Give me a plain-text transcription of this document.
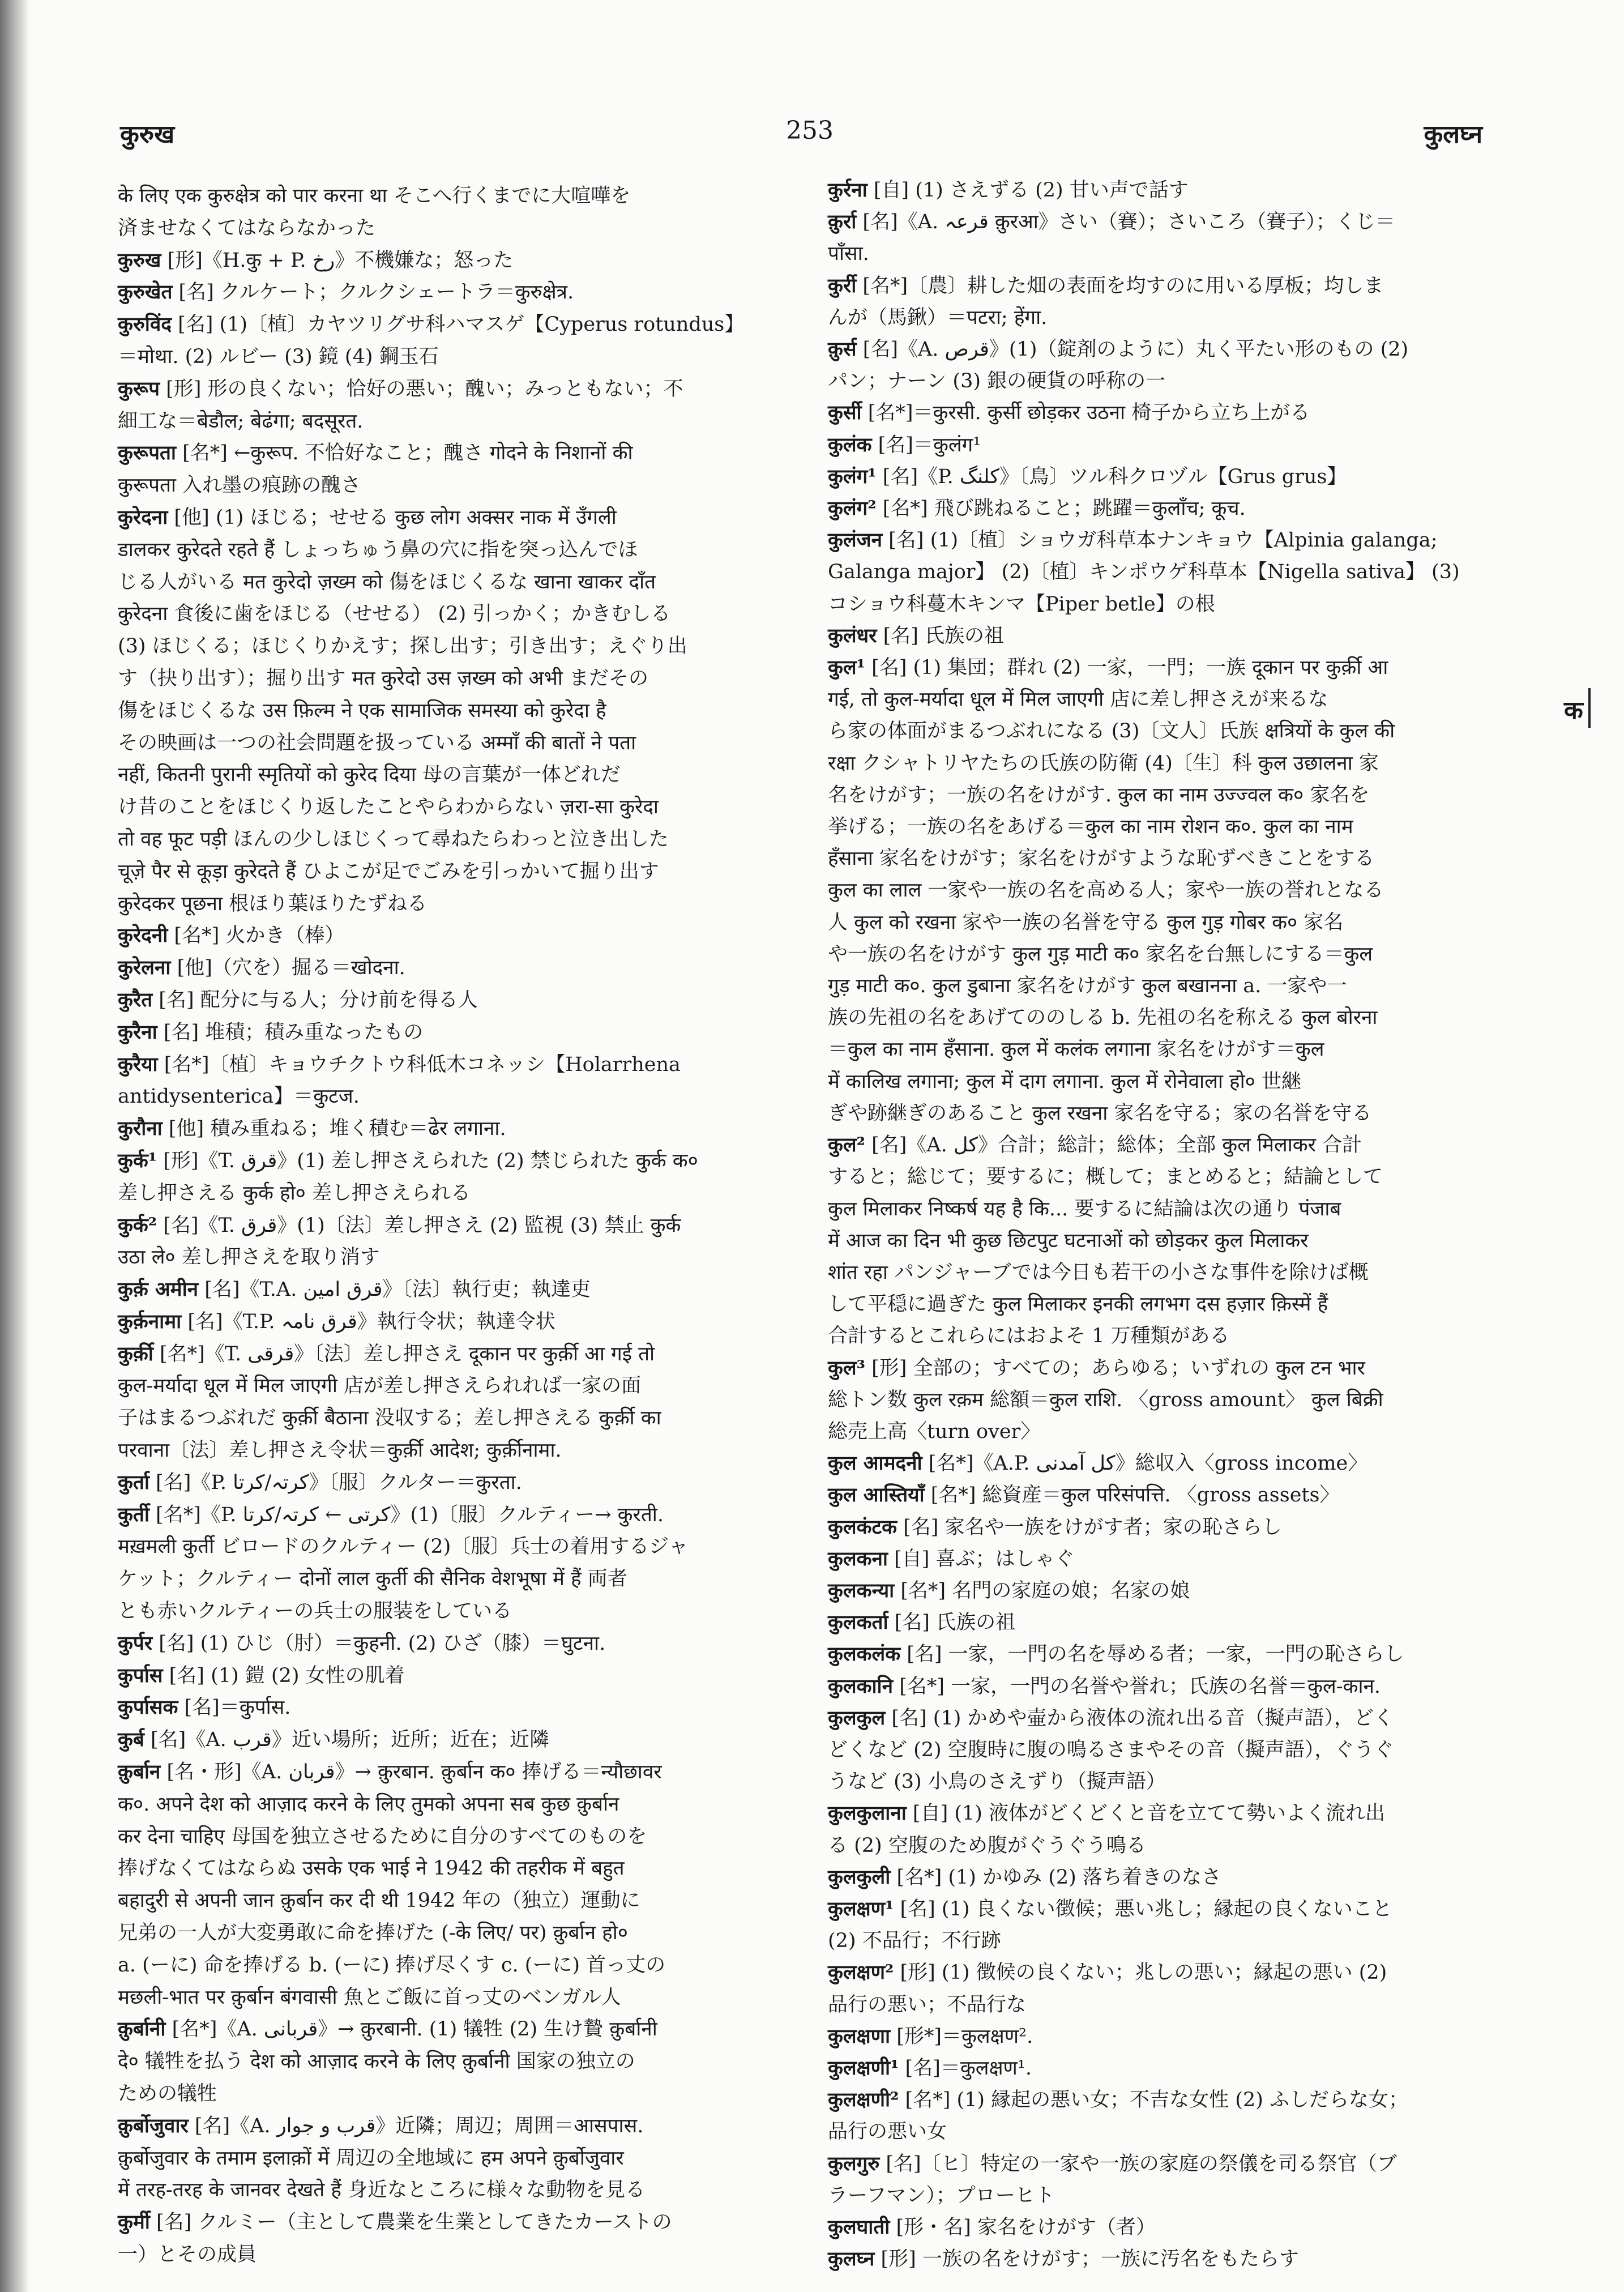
कुरुख	253	कुलघ्न
के लिए एक कुरुक्षेत्र को पार करना था そこへ行くまでに大喧嘩を
済ませなくてはならなかった
कुरुख [形]《H.कु + P. رخ》不機嫌な；怒った
कुरुखेत [名] クルケート；クルクシェートラ＝कुरुक्षेत्र.
कुरुविंद [名] (1)〔植〕カヤツリグサ科ハマスゲ【Cyperus rotundus】
＝मोथा. (2) ルビー (3) 鏡 (4) 鋼玉石
कुरूप [形] 形の良くない；恰好の悪い；醜い；みっともない；不
細工な＝बेडौल; बेढंगा; बदसूरत.
कुरूपता [名*] ←कुरूप. 不恰好なこと；醜さ गोदने के निशानों की
कुरूपता 入れ墨の痕跡の醜さ
कुरेदना [他] (1) ほじる；せせる कुछ लोग अक्सर नाक में उँगली
डालकर कुरेदते रहते हैं しょっちゅう鼻の穴に指を突っ込んでほ
じる人がいる मत कुरेदो ज़ख्म को 傷をほじくるな खाना खाकर दाँत
कुरेदना 食後に歯をほじる（せせる） (2) 引っかく；かきむしる
(3) ほじくる；ほじくりかえす；探し出す；引き出す；えぐり出
す（抉り出す）；掘り出す मत कुरेदो उस ज़ख्म को अभी まだその
傷をほじくるな उस फ़िल्म ने एक सामाजिक समस्या को कुरेदा है
その映画は一つの社会問題を扱っている अम्माँ की बातों ने पता
नहीं, कितनी पुरानी स्मृतियों को कुरेद दिया 母の言葉が一体どれだ
け昔のことをほじくり返したことやらわからない ज़रा-सा कुरेदा
तो वह फूट पड़ी ほんの少しほじくって尋ねたらわっと泣き出した
चूज़े पैर से कूड़ा कुरेदते हैं ひよこが足でごみを引っかいて掘り出す
कुरेदकर पूछना 根ほり葉ほりたずねる
कुरेदनी [名*] 火かき（棒）
कुरेलना [他]（穴を）掘る＝खोदना.
कुरैत [名] 配分に与る人；分け前を得る人
कुरैना [名] 堆積；積み重なったもの
कुरैया [名*]〔植〕キョウチクトウ科低木コネッシ【Holarrhena
antidysenterica】＝कुटज.
कुरौना [他] 積み重ねる；堆く積む＝ढेर लगाना.
कुर्क¹ [形]《T. قرق》(1) 差し押さえられた (2) 禁じられた कुर्क क०
差し押さえる कुर्क हो० 差し押さえられる
कुर्क² [名]《T. قرق》(1)〔法〕差し押さえ (2) 監視 (3) 禁止 कुर्क
उठा ले० 差し押さえを取り消す
कुर्क़ अमीन [名]《T.A. قرق امین》〔法〕執行吏；執達吏
कुर्क़नामा [名]《T.P. قرق نامہ》執行令状；執達令状
कुर्क़ी [名*]《T. قرقی》〔法〕差し押さえ दूकान पर कुर्क़ी आ गई तो
कुल-मर्यादा धूल में मिल जाएगी 店が差し押さえられれば一家の面
子はまるつぶれだ कुर्क़ी बैठाना 没収する；差し押さえる कुर्क़ी का
परवाना〔法〕差し押さえ令状＝कुर्क़ी आदेश; कुर्क़ीनामा.
कुर्ता [名]《P. کرتہ/کرتا》〔服〕クルター＝कुरता.
कुर्ती [名*]《P. کرتی ← کرتہ/کرتا》(1)〔服〕クルティー→ कुरती.
मख़मली कुर्ती ビロードのクルティー (2)〔服〕兵士の着用するジャ
ケット；クルティー दोनों लाल कुर्ती की सैनिक वेशभूषा में हैं 両者
とも赤いクルティーの兵士の服装をしている
कुर्पर [名] (1) ひじ（肘）＝कुहनी. (2) ひざ（膝）＝घुटना.
कुर्पास [名] (1) 鎧 (2) 女性の肌着
कुर्पासक [名]＝कुर्पास.
कुर्ब [名]《A. قرب》近い場所；近所；近在；近隣
क़ुर्बान [名・形]《A. قربان》→ क़ुरबान. क़ुर्बान क० 捧げる＝न्यौछावर
क०. अपने देश को आज़ाद करने के लिए तुमको अपना सब कुछ क़ुर्बान
कर देना चाहिए 母国を独立させるために自分のすべてのものを
捧げなくてはならぬ उसके एक भाई ने 1942 की तहरीक में बहुत
बहादुरी से अपनी जान क़ुर्बान कर दी थी 1942 年の（独立）運動に
兄弟の一人が大変勇敢に命を捧げた (-के लिए/ पर) क़ुर्बान हो०
a. (ーに) 命を捧げる b. (ーに) 捧げ尽くす c. (ーに) 首っ丈の
मछली-भात पर क़ुर्बान बंगवासी 魚とご飯に首っ丈のベンガル人
क़ुर्बानी [名*]《A. قربانی》→ क़ुरबानी. (1) 犠牲 (2) 生け贄 क़ुर्बानी
दे० 犠牲を払う देश को आज़ाद करने के लिए क़ुर्बानी 国家の独立の
ための犠牲
क़ुर्बोजुवार [名]《A. قرب و جوار》近隣；周辺；周囲＝आसपास.
क़ुर्बोजुवार के तमाम इलाक़ों में 周辺の全地域に हम अपने क़ुर्बोजुवार
में तरह-तरह के जानवर देखते हैं 身近なところに様々な動物を見る
कुर्मी [名] クルミー（主として農業を生業としてきたカーストの
一）とその成員
कुर्रना [自] (1) さえずる (2) 甘い声で話す
क़ुर्रा [名]《A. قرعہ क़ुरआ》さい（賽）；さいころ（賽子）；くじ＝
पाँसा.
कुर्री [名*]〔農〕耕した畑の表面を均すのに用いる厚板；均しま
んが（馬鍬）＝पटरा; हेंगा.
क़ुर्स [名]《A. قرص》(1)（錠剤のように）丸く平たい形のもの (2)
パン；ナーン (3) 銀の硬貨の呼称の一
कुर्सी [名*]＝कुरसी. कुर्सी छोड़कर उठना 椅子から立ち上がる
कुलंक [名]＝कुलंग¹
कुलंग¹ [名]《P. کلنگ》〔鳥〕ツル科クロヅル【Grus grus】
कुलंग² [名*] 飛び跳ねること；跳躍＝कुलाँच; कूच.
कुलंजन [名] (1)〔植〕ショウガ科草本ナンキョウ【Alpinia galanga;
Galanga major】 (2)〔植〕キンポウゲ科草本【Nigella sativa】 (3)
コショウ科蔓木キンマ【Piper betle】の根
कुलंधर [名] 氏族の祖
कुल¹ [名] (1) 集団；群れ (2) 一家，一門；一族 दूकान पर कुर्क़ी आ
गई, तो कुल-मर्यादा धूल में मिल जाएगी 店に差し押さえが来るな
ら家の体面がまるつぶれになる (3)〔文人〕氏族 क्षत्रियों के कुल की
रक्षा クシャトリヤたちの氏族の防衛 (4)〔生〕科 कुल उछालना 家
名をけがす；一族の名をけがす. कुल का नाम उज्ज्वल क० 家名を
挙げる；一族の名をあげる＝कुल का नाम रोशन क०. कुल का नाम
हँसाना 家名をけがす；家名をけがすような恥ずべきことをする
कुल का लाल 一家や一族の名を高める人；家や一族の誉れとなる
人 कुल को रखना 家や一族の名誉を守る कुल गुड़ गोबर क० 家名
や一族の名をけがす कुल गुड़ माटी क० 家名を台無しにする＝कुल
गुड़ माटी क०. कुल डुबाना 家名をけがす कुल बखानना a. 一家や一
族の先祖の名をあげてののしる b. 先祖の名を称える कुल बोरना
＝कुल का नाम हँसाना. कुल में कलंक लगाना 家名をけがす＝कुल
में कालिख लगाना; कुल में दाग लगाना. कुल में रोनेवाला हो० 世継
ぎや跡継ぎのあること कुल रखना 家名を守る；家の名誉を守る
कुल² [名]《A. کل》合計；総計；総体；全部 कुल मिलाकर 合計
すると；総じて；要するに；概して；まとめると；結論として
कुल मिलाकर निष्कर्ष यह है कि... 要するに結論は次の通り पंजाब
में आज का दिन भी कुछ छिटपुट घटनाओं को छोड़कर कुल मिलाकर
शांत रहा パンジャーブでは今日も若干の小さな事件を除けば概
して平穏に過ぎた कुल मिलाकर इनकी लगभग दस हज़ार क़िस्में हैं
合計するとこれらにはおよそ 1 万種類がある
कुल³ [形] 全部の；すべての；あらゆる；いずれの कुल टन भार
総トン数 कुल रक़म 総額＝कुल राशि. 〈gross amount〉 कुल बिक्री
総売上高〈turn over〉
कुल आमदनी [名*]《A.P. کل آمدنی》総収入〈gross income〉
कुल आस्तियाँ [名*] 総資産＝कुल परिसंपत्ति. 〈gross assets〉
कुलकंटक [名] 家名や一族をけがす者；家の恥さらし
कुलकना [自] 喜ぶ；はしゃぐ
कुलकन्या [名*] 名門の家庭の娘；名家の娘
कुलकर्ता [名] 氏族の祖
कुलकलंक [名] 一家，一門の名を辱める者；一家，一門の恥さらし
कुलकानि [名*] 一家，一門の名誉や誉れ；氏族の名誉＝कुल-कान.
कुलकुल [名] (1) かめや壷から液体の流れ出る音（擬声語），どく
どくなど (2) 空腹時に腹の鳴るさまやその音（擬声語），ぐうぐ
うなど (3) 小鳥のさえずり（擬声語）
कुलकुलाना [自] (1) 液体がどくどくと音を立てて勢いよく流れ出
る (2) 空腹のため腹がぐうぐう鳴る
कुलकुली [名*] (1) かゆみ (2) 落ち着きのなさ
कुलक्षण¹ [名] (1) 良くない徴候；悪い兆し；縁起の良くないこと
(2) 不品行；不行跡
कुलक्षण² [形] (1) 徴候の良くない；兆しの悪い；縁起の悪い (2)
品行の悪い；不品行な
कुलक्षणा [形*]＝कुलक्षण².
कुलक्षणी¹ [名]＝कुलक्षण¹.
कुलक्षणी² [名*] (1) 縁起の悪い女；不吉な女性 (2) ふしだらな女；
品行の悪い女
कुलगुरु [名]〔ヒ〕特定の一家や一族の家庭の祭儀を司る祭官（ブ
ラーフマン）；プローヒト
कुलघाती [形・名] 家名をけがす（者）
कुलघ्न [形] 一族の名をけがす；一族に汚名をもたらす
क
